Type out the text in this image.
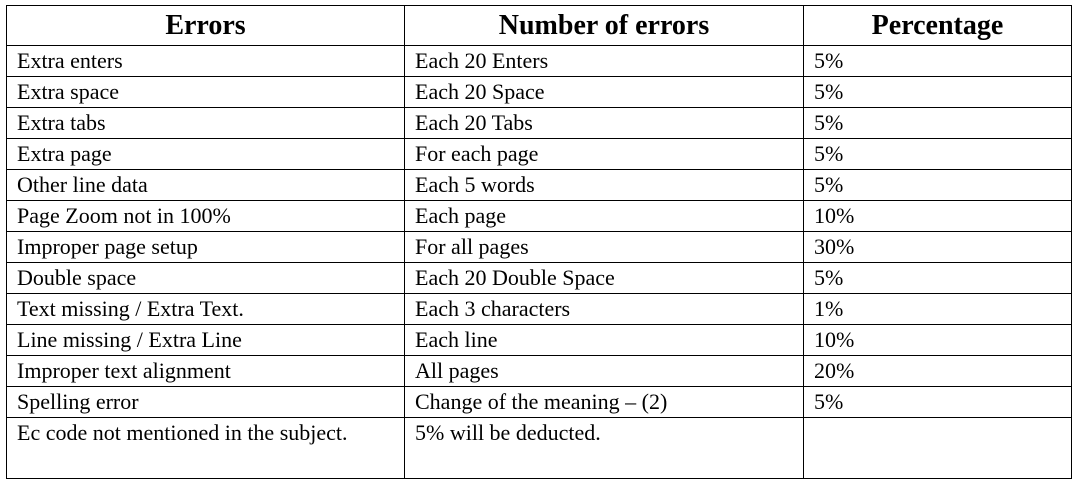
Errors	Number of errors	Percentage
Extra enters	Each 20 Enters	5%
Extra space	Each 20 Space	5%
Extra tabs	Each 20 Tabs	5%
Extra page	For each page	5%
Other line data	Each 5 words	5%
Page Zoom not in 100%	Each page	10%
Improper page setup	For all pages	30%
Double space	Each 20 Double Space	5%
Text missing / Extra Text.	Each 3 characters	1%
Line missing / Extra Line	Each line	10%
Improper text alignment	All pages	20%
Spelling error	Change of the meaning – (2)	5%
Ec code not mentioned in the subject.	5% will be deducted.	
